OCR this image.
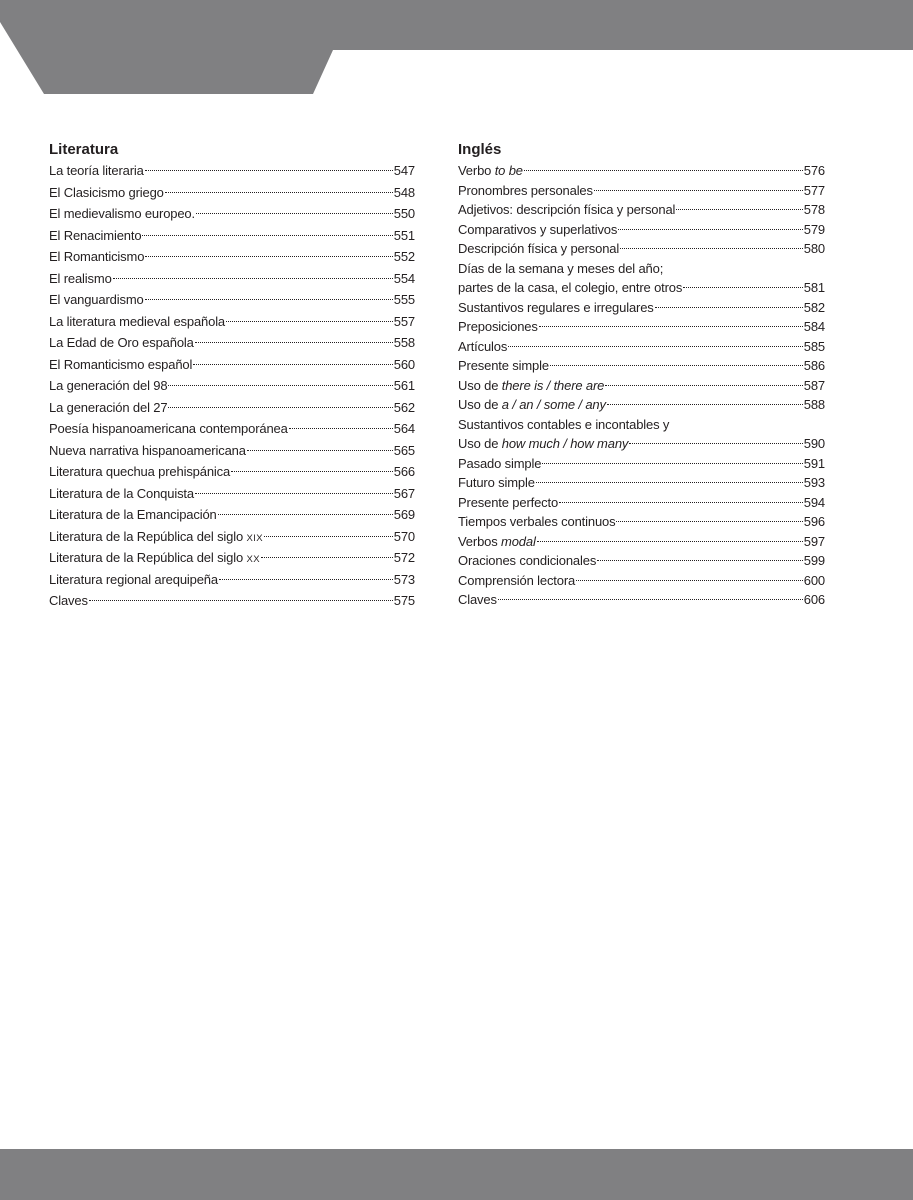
Literatura
La teoría literaria	547
El Clasicismo griego	548
El medievalismo europeo.	550
El Renacimiento	551
El Romanticismo	552
El realismo	554
El vanguardismo	555
La literatura medieval española	557
La Edad de Oro española	558
El Romanticismo español	560
La generación del 98	561
La generación del 27	562
Poesía hispanoamericana contemporánea	564
Nueva narrativa hispanoamericana	565
Literatura quechua prehispánica	566
Literatura de la Conquista	567
Literatura de la Emancipación	569
Literatura de la República del siglo XIX	570
Literatura de la República del siglo XX	572
Literatura regional arequipeña	573
Claves	575
Inglés
Verbo to be	576
Pronombres personales	577
Adjetivos: descripción física y personal	578
Comparativos y superlativos	579
Descripción física y personal	580
Días de la semana y meses del año;
partes de la casa, el colegio, entre otros	581
Sustantivos regulares e irregulares	582
Preposiciones	584
Artículos	585
Presente simple	586
Uso de there is / there are	587
Uso de a / an / some / any	588
Sustantivos contables e incontables y
Uso de how much / how many	590
Pasado simple	591
Futuro simple	593
Presente perfecto	594
Tiempos verbales continuos	596
Verbos modal	597
Oraciones condicionales	599
Comprensión lectora	600
Claves	606
